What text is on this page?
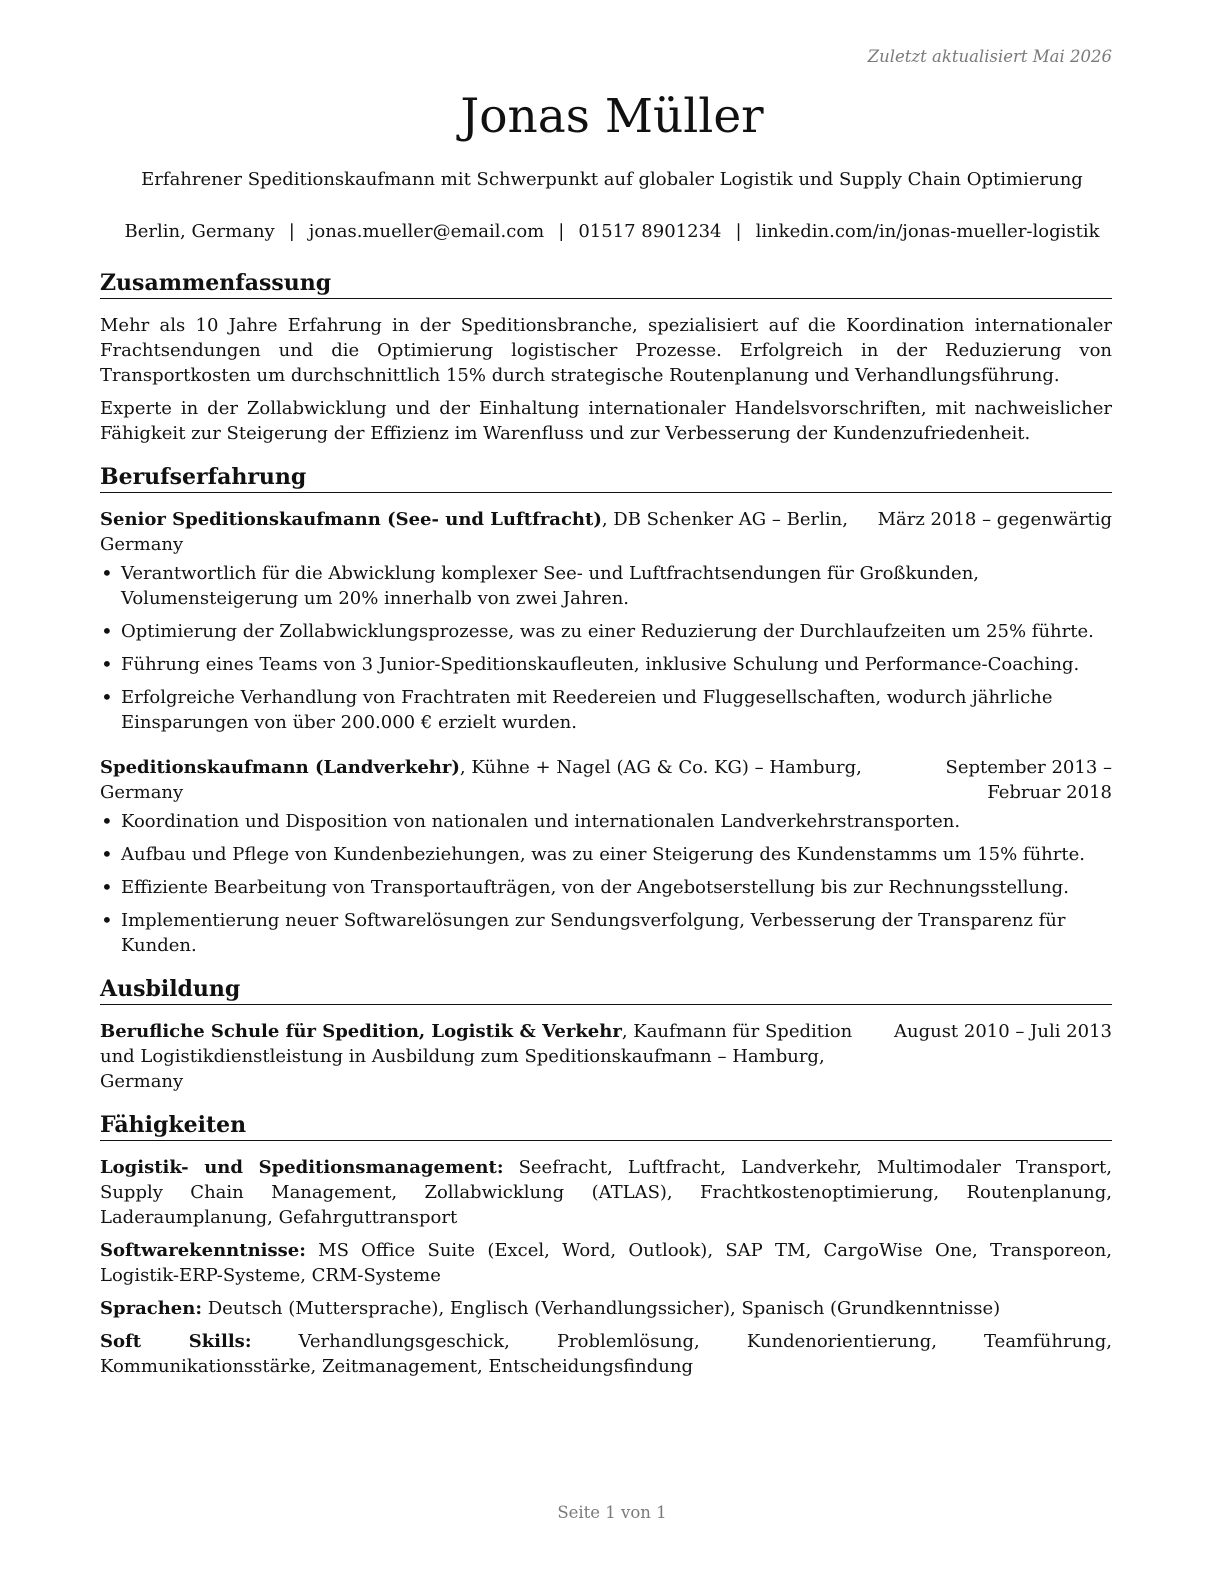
Zuletzt aktualisiert Mai 2026
Jonas Müller
Erfahrener Speditionskaufmann mit Schwerpunkt auf globaler Logistik und Supply Chain Optimierung
Berlin, Germany | jonas.mueller@email.com | 01517 8901234 | linkedin.com/in/jonas-mueller-logistik
Zusammenfassung

Mehr als 10 Jahre Erfahrung in der Speditionsbranche, spezialisiert auf die Koordination internationaler Frachtsendungen und die Optimierung logistischer Prozesse. Erfolgreich in der Reduzierung von Transportkosten um durchschnittlich 15% durch strategische Routenplanung und Verhandlungsführung.

Experte in der Zollabwicklung und der Einhaltung internationaler Handelsvorschriften, mit nachweislicher Fähigkeit zur Steigerung der Effizienz im Warenfluss und zur Verbesserung der Kundenzufriedenheit.

Berufserfahrung
Senior Speditionskaufmann (See- und Luftfracht), DB Schenker AG – Berlin, Germany
März 2018 – gegenwärtig
• Verantwortlich für die Abwicklung komplexer See- und Luftfrachtsendungen für Großkunden, Volumensteigerung um 20% innerhalb von zwei Jahren.
• Optimierung der Zollabwicklungsprozesse, was zu einer Reduzierung der Durchlaufzeiten um 25% führte.
• Führung eines Teams von 3 Junior-Speditionskaufleuten, inklusive Schulung und Performance-Coaching.
• Erfolgreiche Verhandlung von Frachtraten mit Reedereien und Fluggesellschaften, wodurch jährliche Einsparungen von über 200.000 € erzielt wurden.
Speditionskaufmann (Landverkehr), Kühne + Nagel (AG & Co. KG) – Hamburg, Germany
September 2013 – Februar 2018
• Koordination und Disposition von nationalen und internationalen Landverkehrstransporten.
• Aufbau und Pflege von Kundenbeziehungen, was zu einer Steigerung des Kundenstamms um 15% führte.
• Effiziente Bearbeitung von Transportaufträgen, von der Angebotserstellung bis zur Rechnungsstellung.
• Implementierung neuer Softwarelösungen zur Sendungsverfolgung, Verbesserung der Transparenz für Kunden.
Ausbildung
Berufliche Schule für Spedition, Logistik & Verkehr, Kaufmann für Spedition und Logistikdienstleistung in Ausbildung zum Speditionskaufmann – Hamburg, Germany
August 2010 – Juli 2013
Fähigkeiten

Logistik- und Speditionsmanagement: Seefracht, Luftfracht, Landverkehr, Multimodaler Transport, Supply Chain Management, Zollabwicklung (ATLAS), Frachtkostenoptimierung, Routenplanung, Laderaumplanung, Gefahrguttransport

Softwarekenntnisse: MS Office Suite (Excel, Word, Outlook), SAP TM, CargoWise One, Transporeon, Logistik-ERP-Systeme, CRM-Systeme

Sprachen: Deutsch (Muttersprache), Englisch (Verhandlungssicher), Spanisch (Grundkenntnisse)

Soft Skills: Verhandlungsgeschick, Problemlösung, Kundenorientierung, Teamführung, Kommunikationsstärke, Zeitmanagement, Entscheidungsfindung

Seite 1 von 1
